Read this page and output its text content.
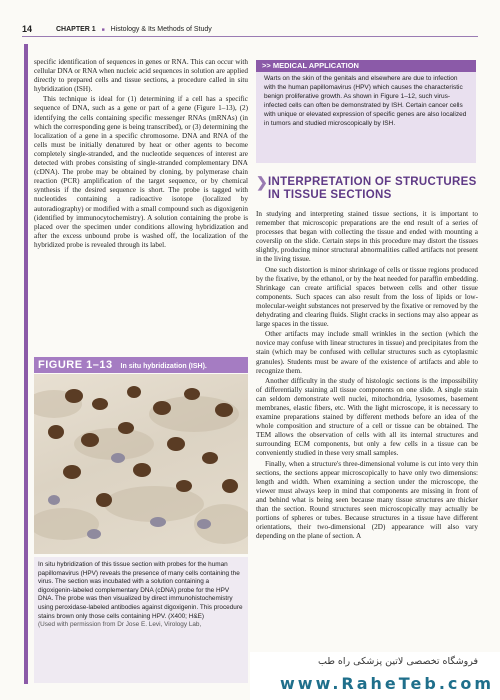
14	CHAPTER 1 ■ Histology & Its Methods of Study

specific identification of sequences in genes or RNA. This can occur with cellular DNA or RNA when nucleic acid sequences in solution are applied directly to prepared cells and tissue sections, a procedure called in situ hybridization (ISH).

This technique is ideal for (1) determining if a cell has a specific sequence of DNA, such as a gene or part of a gene (Figure 1–13), (2) identifying the cells containing specific messenger RNAs (mRNAs) (in which the corresponding gene is being transcribed), or (3) determining the localization of a gene in a specific chromosome. DNA and RNA of the cells must be initially denatured by heat or other agents to become completely single-stranded, and the nucleotide sequences of interest are detected with probes consisting of single-stranded complementary DNA (cDNA). The probe may be obtained by cloning, by polymerase chain reaction (PCR) amplification of the target sequence, or by chemical synthesis if the desired sequence is short. The probe is tagged with nucleotides containing a radioactive isotope (localized by autoradiography) or modified with a small compound such as digoxigenin (identified by immunocytochemistry). A solution containing the probe is placed over the specimen under conditions allowing hybridization and after the excess unbound probe is washed off, the localization of the hybridized probe is revealed through its label.

FIGURE 1–13 In situ hybridization (ISH).
In situ hybridization of this tissue section with probes for the human papillomavirus (HPV) reveals the presence of many cells containing the virus. The section was incubated with a solution containing a digoxigenin-labeled complementary DNA (cDNA) probe for the HPV DNA. The probe was then visualized by direct immunohistochemistry using peroxidase-labeled antibodies against digoxigenin. This procedure stains brown only those cells containing HPV. (X400; H&E)
(Used with permission from Dr Jose E. Levi, Virology Lab,
>> MEDICAL APPLICATION
Warts on the skin of the genitals and elsewhere are due to infection with the human papillomavirus (HPV) which causes the characteristic benign proliferative growth. As shown in Figure 1–12, such virus-infected cells can often be demonstrated by ISH. Certain cancer cells with unique or elevated expression of specific genes are also localized in tumors and studied microscopically by ISH.
❯ INTERPRETATION OF STRUCTURES
IN TISSUE SECTIONS

In studying and interpreting stained tissue sections, it is important to remember that microscopic preparations are the end result of a series of processes that began with collecting the tissue and ended with mounting a coverslip on the slide. Certain steps in this procedure may distort the tissues slightly, producing minor structural abnormalities called artifacts not present in the living tissue.

One such distortion is minor shrinkage of cells or tissue regions produced by the fixative, by the ethanol, or by the heat needed for paraffin embedding. Shrinkage can create artificial spaces between cells and other tissue components. Such spaces can also result from the loss of lipids or low-molecular-weight substances not preserved by the fixative or removed by the dehydrating and clearing fluids. Slight cracks in sections may also appear as large spaces in the tissue.

Other artifacts may include small wrinkles in the section (which the novice may confuse with linear structures in tissue) and precipitates from the stain (which may be confused with cellular structures such as cytoplasmic granules). Students must be aware of the existence of artifacts and able to recognize them.

Another difficulty in the study of histologic sections is the impossibility of differentially staining all tissue components on one slide. A single stain can seldom demonstrate well nuclei, mitochondria, lysosomes, basement membranes, elastic fibers, etc. With the light microscope, it is necessary to examine preparations stained by different methods before an idea of the whole composition and structure of a cell or tissue can be obtained. The TEM allows the observation of cells with all its internal structures and surrounding ECM components, but only a few cells in a tissue can be conveniently studied in these very small samples.

Finally, when a structure's three-dimensional volume is cut into very thin sections, the sections appear microscopically to have only two dimensions: length and width. When examining a section under the microscope, the viewer must always keep in mind that components are missing in front of and behind what is being seen because many tissue structures are thicker than the section. Round structures seen microscopically may actually be portions of spheres or tubes. Because structures in a tissue have different orientations, their two-dimensional (2D) appearance will also vary depending on the plane of section. A

فروشگاه تخصصی لاتین پزشکی راه طب
www.RaheTeb.com
